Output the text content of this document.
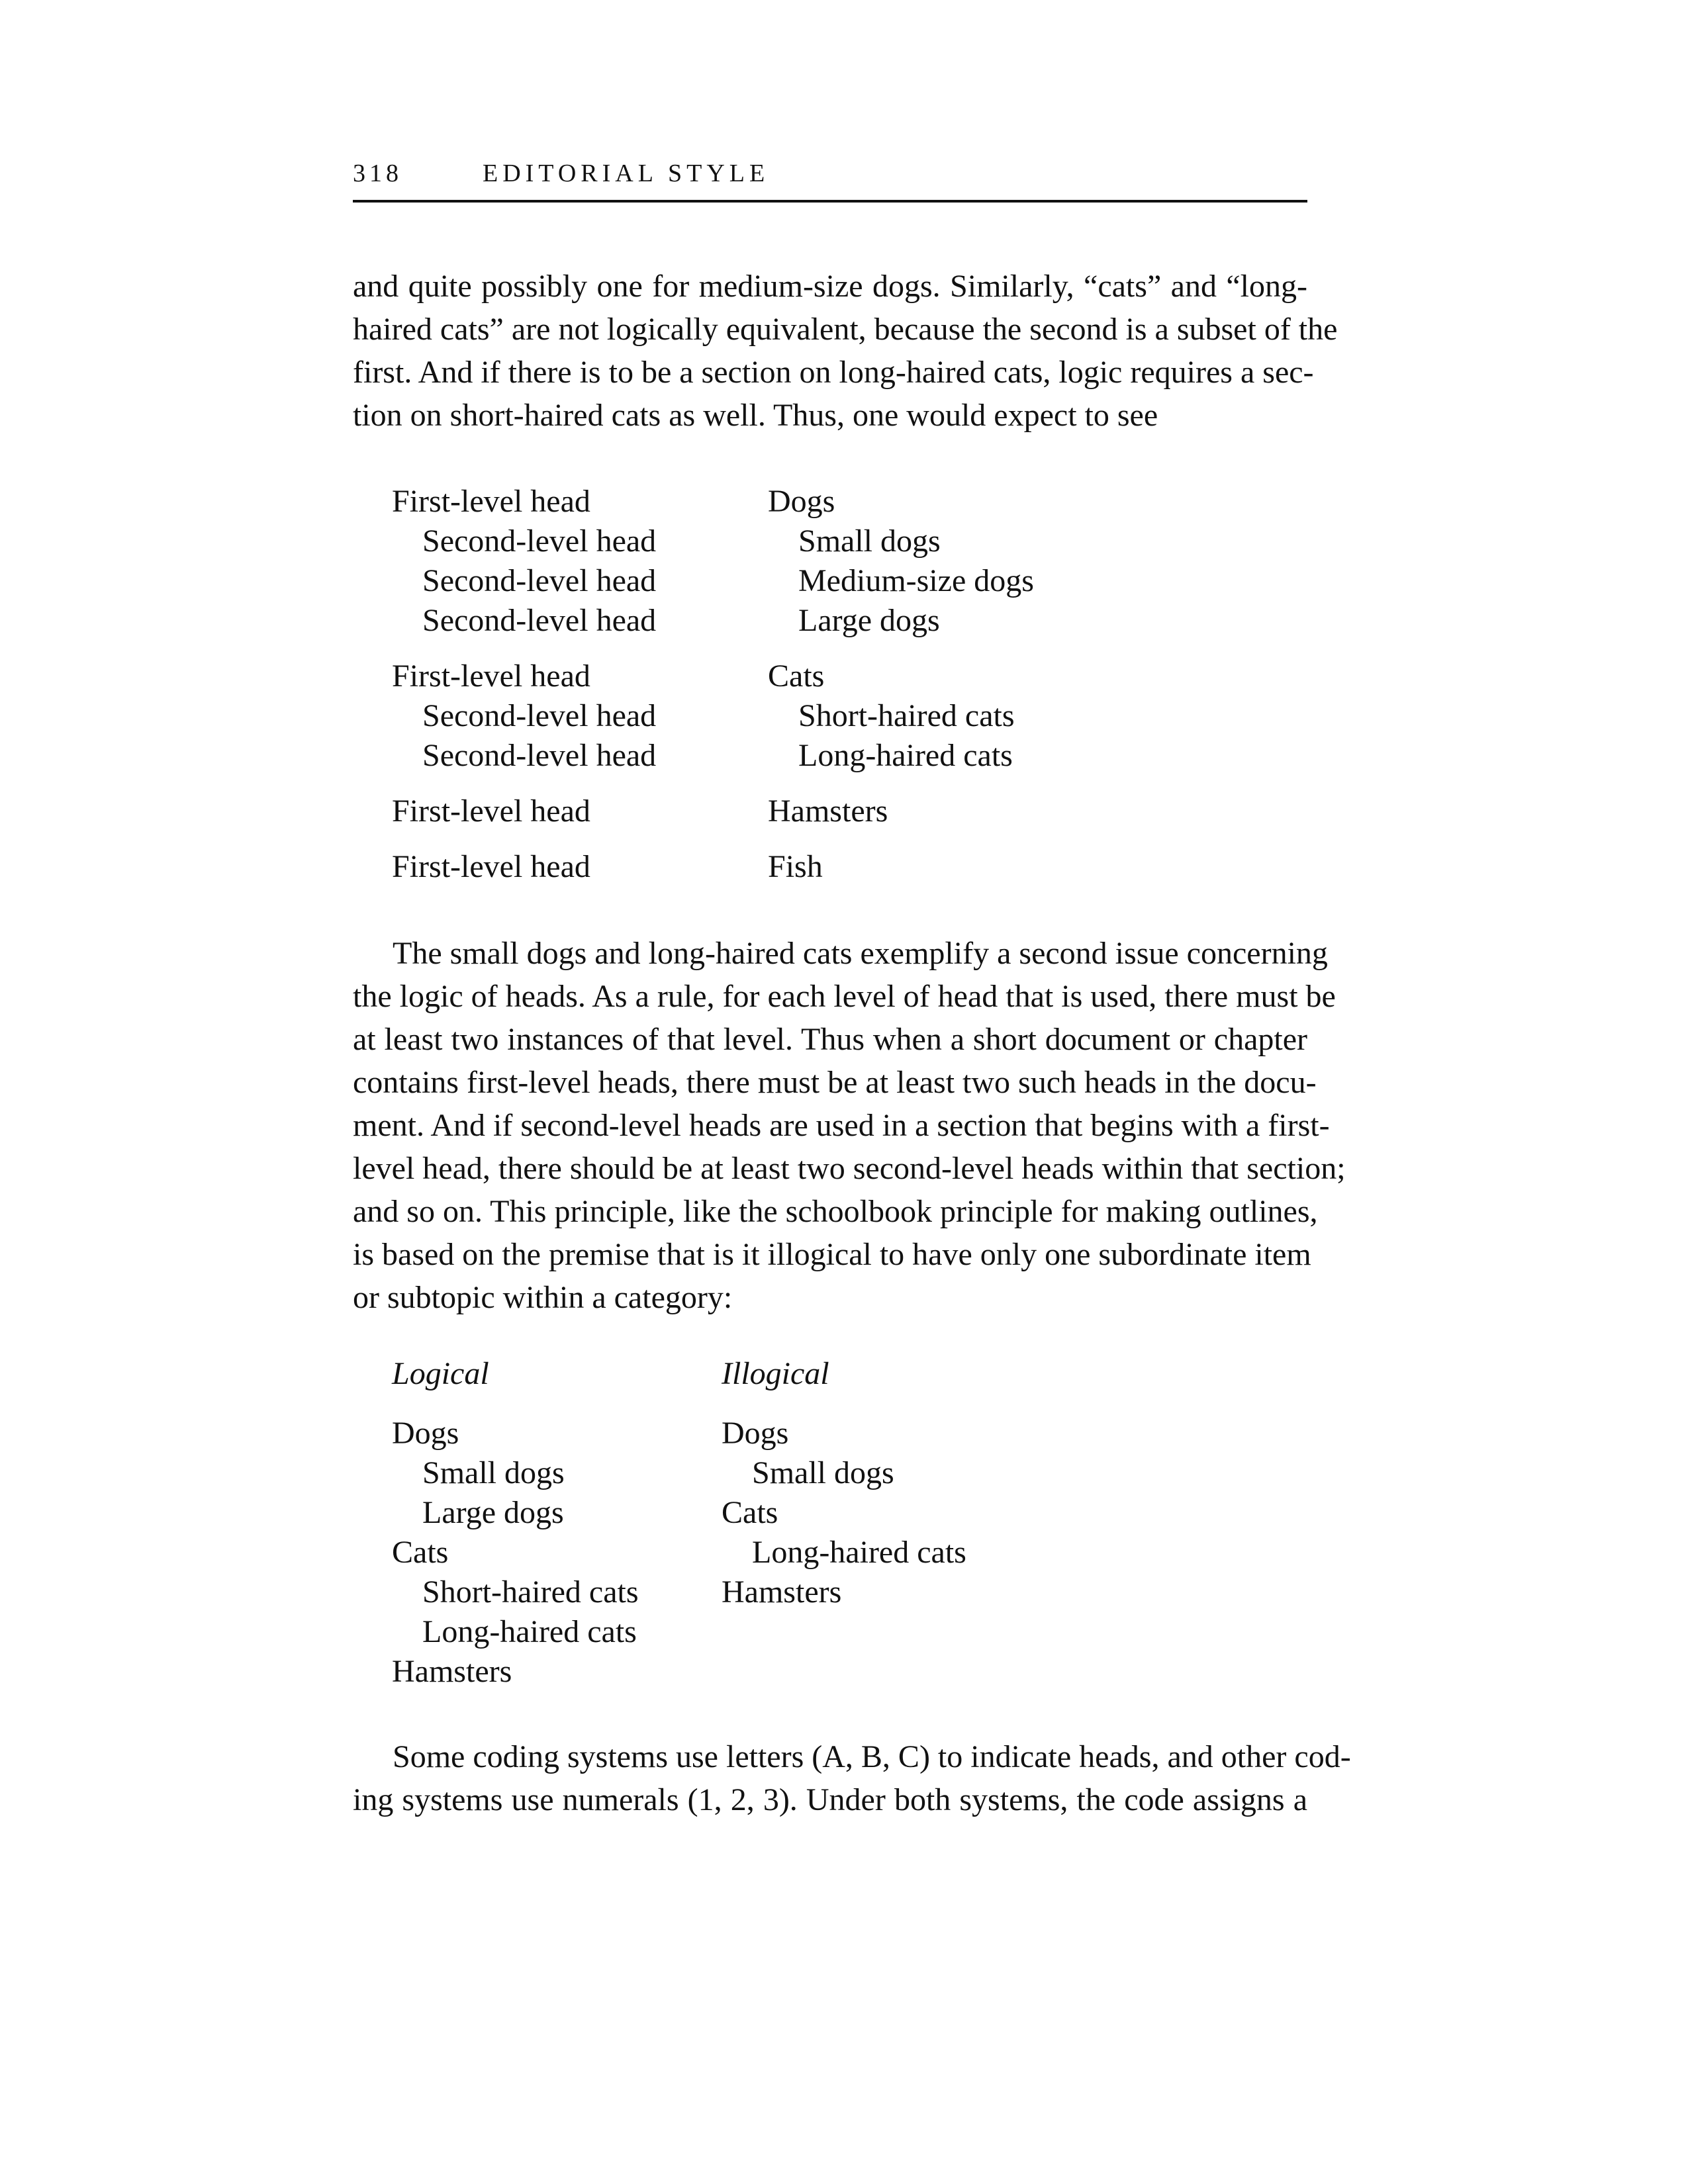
318	EDITORIAL STYLE
and quite possibly one for medium-size dogs. Similarly, “cats” and “long-
haired cats” are not logically equivalent, because the second is a subset of the
first. And if there is to be a section on long-haired cats, logic requires a sec-
tion on short-haired cats as well. Thus, one would expect to see
First-level head
Second-level head
Second-level head
Second-level head
First-level head
Second-level head
Second-level head
First-level head
First-level head
Dogs
Small dogs
Medium-size dogs
Large dogs
Cats
Short-haired cats
Long-haired cats
Hamsters
Fish
The small dogs and long-haired cats exemplify a second issue concerning
the logic of heads. As a rule, for each level of head that is used, there must be
at least two instances of that level. Thus when a short document or chapter
contains first-level heads, there must be at least two such heads in the docu-
ment. And if second-level heads are used in a section that begins with a first-
level head, there should be at least two second-level heads within that section;
and so on. This principle, like the schoolbook principle for making outlines,
is based on the premise that is it illogical to have only one subordinate item
or subtopic within a category:
Logical
Dogs
Small dogs
Large dogs
Cats
Short-haired cats
Long-haired cats
Hamsters
Illogical
Dogs
Small dogs
Cats
Long-haired cats
Hamsters
Some coding systems use letters (A, B, C) to indicate heads, and other cod-
ing systems use numerals (1, 2, 3). Under both systems, the code assigns a
